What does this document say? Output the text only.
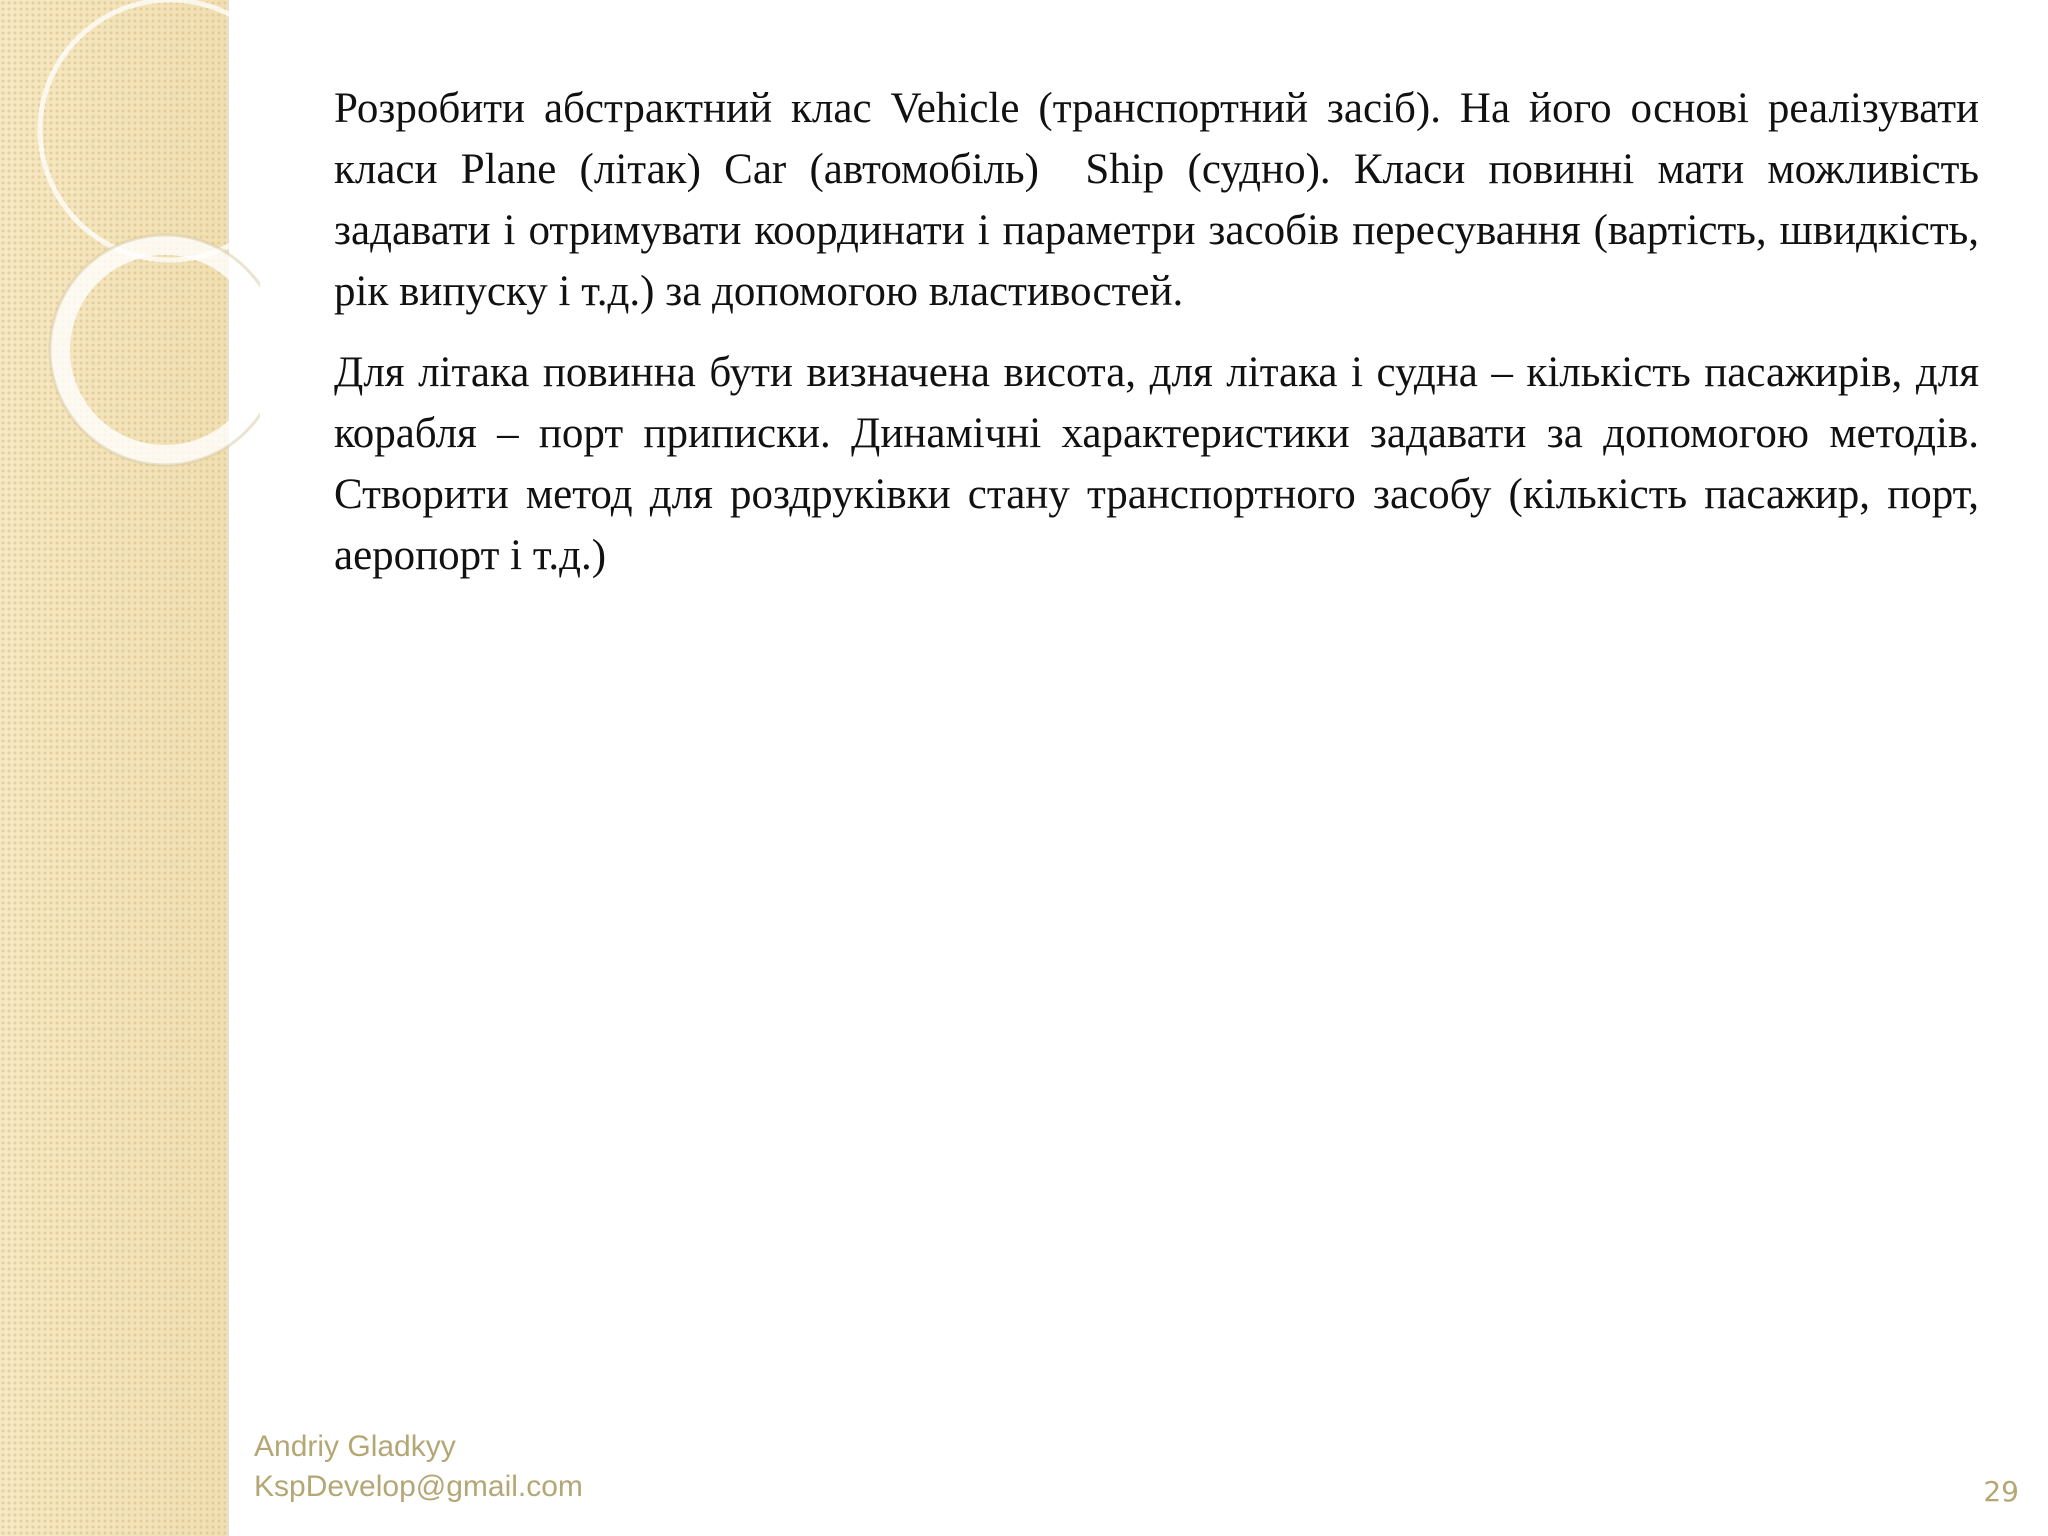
Розробити абстрактний клас Vehicle (транспортний засіб). На його основі реалізувати класи Plane (літак) Car (автомобіль)  Ship (судно). Класи повинні мати можливість задавати і отримувати координати і параметри засобів пересування (вартість, швидкість, рік випуску і т.д.) за допомогою властивостей.

Для літака повинна бути визначена висота, для літака і судна – кількість пасажирів, для корабля – порт приписки. Динамічні характеристики задавати за допомогою методів. Створити метод для роздруківки стану транспортного засобу (кількість пасажир, порт, аеропорт і т.д.)

Andriy Gladkyy
KspDevelop@gmail.com	29
